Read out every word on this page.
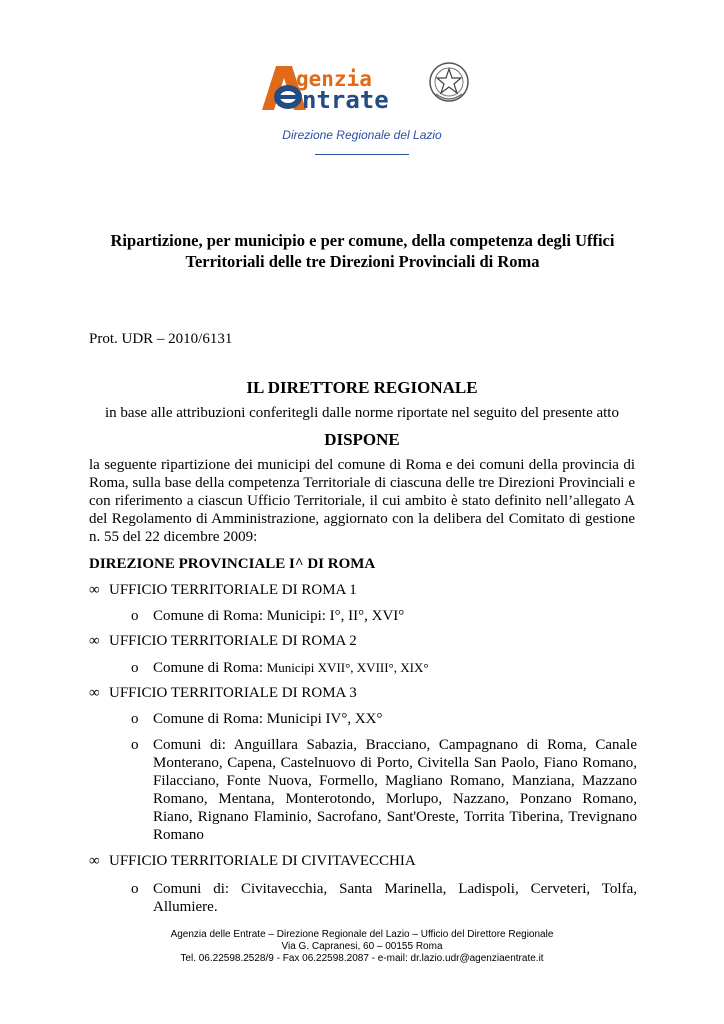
genzia
ntrate
Direzione Regionale del Lazio
Ripartizione, per municipio e per comune, della competenza degli Uffici
Territoriali delle tre Direzioni Provinciali di Roma
Prot. UDR – 2010/6131
IL DIRETTORE REGIONALE
in base alle attribuzioni conferitegli dalle norme riportate nel seguito del presente atto
DISPONE
la seguente ripartizione dei municipi del comune di Roma e dei comuni della provincia di Roma, sulla base della competenza Territoriale di ciascuna delle tre Direzioni Provinciali e con riferimento a ciascun Ufficio Territoriale, il cui ambito è stato definito nell’allegato A del Regolamento di Amministrazione, aggiornato con la delibera del Comitato di gestione n. 55 del 22 dicembre 2009:
DIREZIONE PROVINCIALE I^ DI ROMA
∞ UFFICIO TERRITORIALE DI ROMA 1
o Comune di Roma: Municipi: I°, II°, XVI°
∞ UFFICIO TERRITORIALE DI ROMA 2
o Comune di Roma: Municipi XVII°, XVIII°, XIX°
∞ UFFICIO TERRITORIALE DI ROMA 3
o Comune di Roma: Municipi IV°, XX°
o Comuni di: Anguillara Sabazia, Bracciano, Campagnano di Roma, Canale Monterano, Capena, Castelnuovo di Porto, Civitella San Paolo, Fiano Romano, Filacciano, Fonte Nuova, Formello, Magliano Romano, Manziana, Mazzano Romano, Mentana, Monterotondo, Morlupo, Nazzano, Ponzano Romano, Riano, Rignano Flaminio, Sacrofano, Sant'Oreste, Torrita Tiberina, Trevignano Romano
∞ UFFICIO TERRITORIALE DI CIVITAVECCHIA
o Comuni di: Civitavecchia, Santa Marinella, Ladispoli, Cerveteri, Tolfa, Allumiere.
Agenzia delle Entrate – Direzione Regionale del Lazio – Ufficio del Direttore Regionale
Via G. Capranesi, 60 – 00155 Roma
Tel. 06.22598.2528/9 - Fax 06.22598.2087 - e-mail: dr.lazio.udr@agenziaentrate.it
